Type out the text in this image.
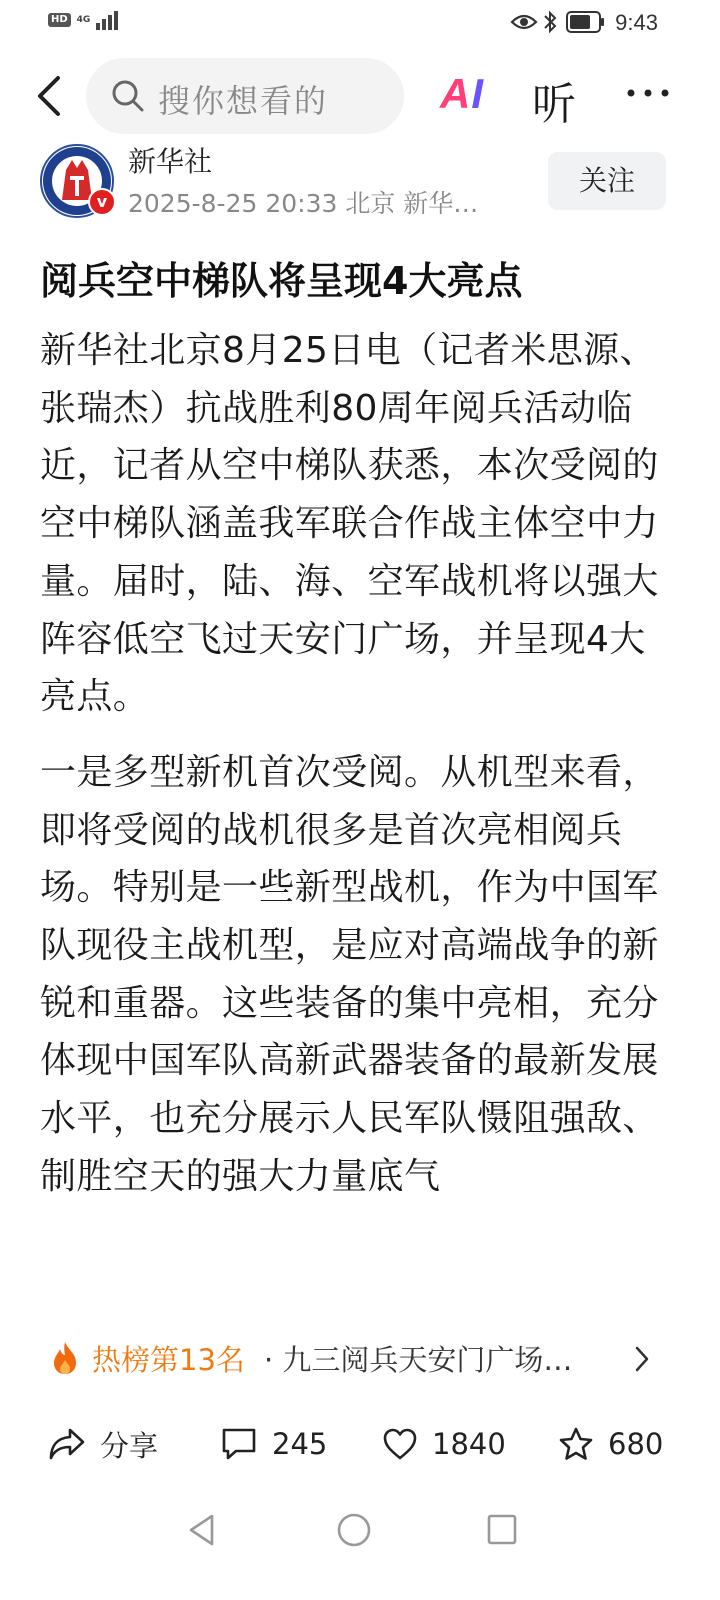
HD	4G	9:43
搜你想看的	AI 听
v
新华社
2025-8-25 20:33 北京 新华…
关注
阅兵空中梯队将呈现4大亮点

新华社北京8月25日电（记者米思源、张瑞杰）抗战胜利80周年阅兵活动临近，记者从空中梯队获悉，本次受阅的空中梯队涵盖我军联合作战主体空中力量。届时，陆、海、空军战机将以强大阵容低空飞过天安门广场，并呈现4大亮点。

一是多型新机首次受阅。从机型来看，即将受阅的战机很多是首次亮相阅兵场。特别是一些新型战机，作为中国军队现役主战机型，是应对高端战争的新锐和重器。这些装备的集中亮相，充分体现中国军队高新武器装备的最新发展水平，也充分展示人民军队慑阻强敌、制胜空天的强大力量底气

热榜第13名 · 九三阅兵天安门广场…
分享	245	1840	680
